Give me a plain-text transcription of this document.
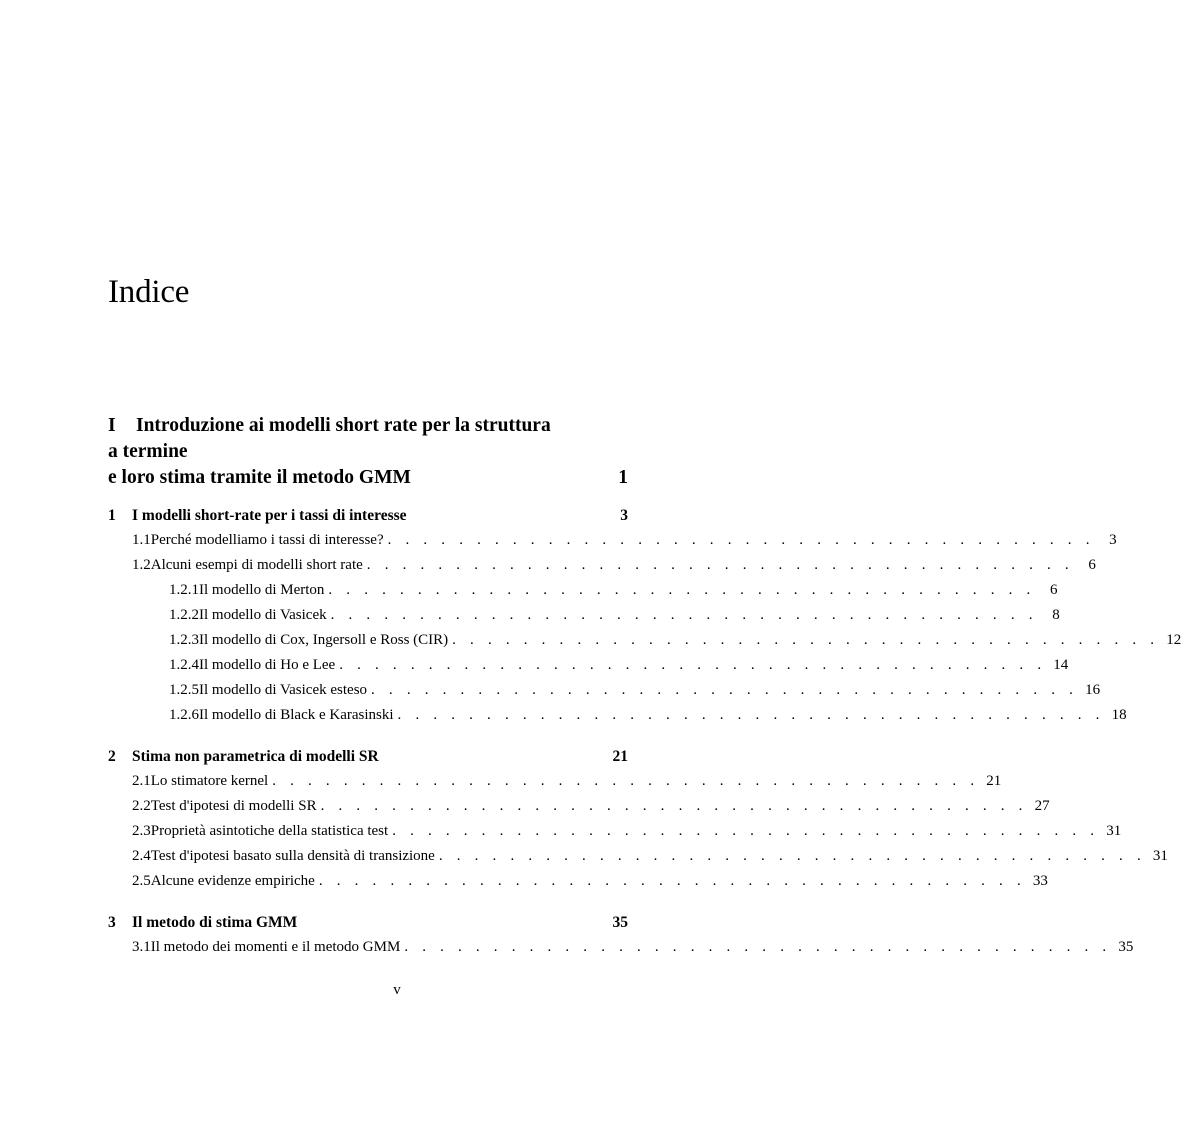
Indice
I Introduzione ai modelli short rate per la struttura
a termine
e loro stima tramite il metodo GMM	1
1	I modelli short-rate per i tassi di interesse	3
1.1 Perché modelliamo i tassi di interesse? . . . . . . . . . . . . . . . . . . . . . . . . . . . . . . . . . . . . . . . . 3
1.2 Alcuni esempi di modelli short rate . . . . . . . . . . . . . . . . . . . . . . . . . . . . . . . . . . . . . . . . 6
1.2.1 Il modello di Merton . . . . . . . . . . . . . . . . . . . . . . . . . . . . . . . . . . . . . . . . 6
1.2.2 Il modello di Vasicek . . . . . . . . . . . . . . . . . . . . . . . . . . . . . . . . . . . . . . . . 8
1.2.3 Il modello di Cox, Ingersoll e Ross (CIR) . . . . . . . . . . . . . . . . . . . . . . . . . . . . . . . . . . . . . . . . 12
1.2.4 Il modello di Ho e Lee . . . . . . . . . . . . . . . . . . . . . . . . . . . . . . . . . . . . . . . . 14
1.2.5 Il modello di Vasicek esteso . . . . . . . . . . . . . . . . . . . . . . . . . . . . . . . . . . . . . . . . 16
1.2.6 Il modello di Black e Karasinski . . . . . . . . . . . . . . . . . . . . . . . . . . . . . . . . . . . . . . . . 18
2	Stima non parametrica di modelli SR	21
2.1 Lo stimatore kernel . . . . . . . . . . . . . . . . . . . . . . . . . . . . . . . . . . . . . . . . 21
2.2 Test d'ipotesi di modelli SR . . . . . . . . . . . . . . . . . . . . . . . . . . . . . . . . . . . . . . . . 27
2.3 Proprietà asintotiche della statistica test . . . . . . . . . . . . . . . . . . . . . . . . . . . . . . . . . . . . . . . . 31
2.4 Test d'ipotesi basato sulla densità di transizione . . . . . . . . . . . . . . . . . . . . . . . . . . . . . . . . . . . . . . . . 31
2.5 Alcune evidenze empiriche . . . . . . . . . . . . . . . . . . . . . . . . . . . . . . . . . . . . . . . . 33
3	Il metodo di stima GMM	35
3.1 Il metodo dei momenti e il metodo GMM . . . . . . . . . . . . . . . . . . . . . . . . . . . . . . . . . . . . . . . . 35
v
